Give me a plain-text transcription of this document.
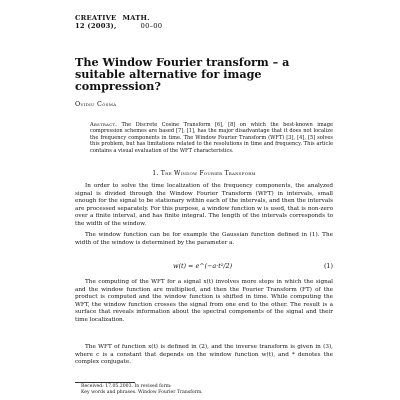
CREATIVE MATH.
12 (2003),	00–00
The Window Fourier transform – a suitable alternative for image compression?
Ovidiu Cosma
Abstract. The Discrete Cosine Transform [6], [8] on which the best-known image compression schemes are based [7], [1], has the major disadvantage that it does not localize the frequency components in time. The Window Fourier Transform (WFT) [3], [4], [5] solves this problem, but has limitations related to the resolutions in time and frequency. This article contains a visual evaluation of the WFT characteristics.
1. The Window Fourier Transform
In order to solve the time localization of the frequency components, the analyzed signal is divided through the Window Fourier Transform (WFT) in intervals, small enough for the signal to be stationary within each of the intervals, and then the intervals are processed separately. For this purpose, a window function w is used, that is non-zero over a finite interval, and has finite integral. The length of the intervals corresponds to the width of the window.
The window function can be for example the Gaussian function defined in (1). The width of the window is determined by the parameter a.
w(t) = e^(−a·t²/2)	(1)
The computing of the WFT for a signal x(t) involves more steps in which the signal and the window function are multiplied, and then the Fourier Transform (FT) of the product is computed and the window function is shifted in time. While computing the WFT, the window function crosses the signal from one end to the other. The result is a surface that reveals information about the spectral components of the signal and their time localization.
The WFT of function x(t) is defined in (2), and the inverse transform is given in (3), where c is a constant that depends on the window function w(t), and * denotes the complex conjugate.
Received: 17.05.2003. In revised form:
Key words and phrases. Window Fourier Transform.
